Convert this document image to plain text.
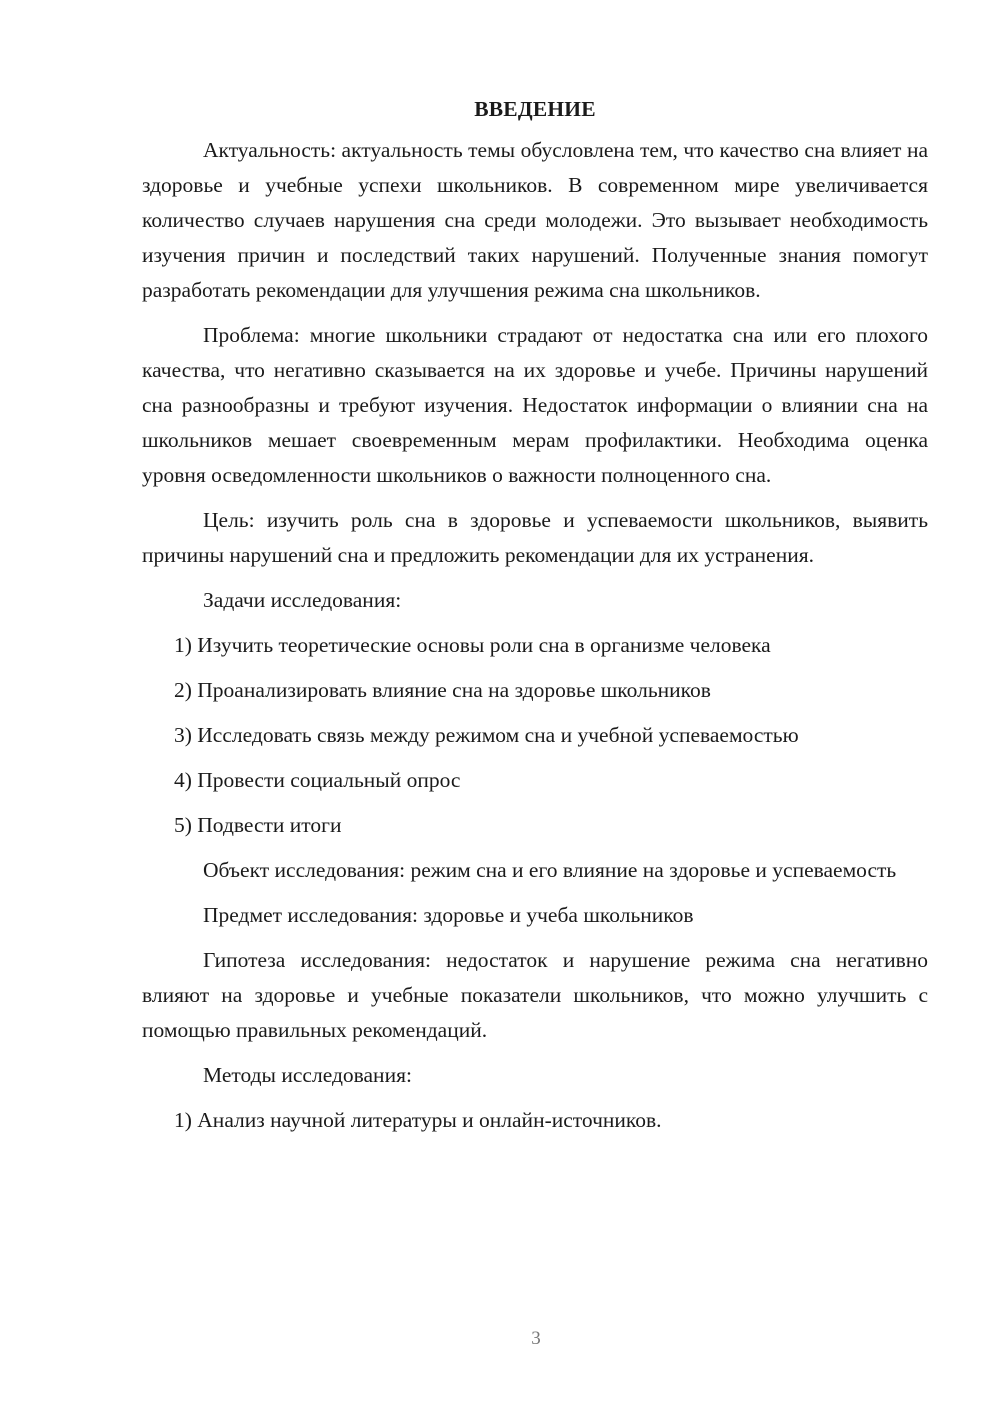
ВВЕДЕНИЕ

Актуальность: актуальность темы обусловлена тем, что качество сна влияет на здоровье и учебные успехи школьников. В современном мире увеличивается количество случаев нарушения сна среди молодежи. Это вызывает необходимость изучения причин и последствий таких нарушений. Полученные знания помогут разработать рекомендации для улучшения режима сна школьников.

Проблема: многие школьники страдают от недостатка сна или его плохого качества, что негативно сказывается на их здоровье и учебе. Причины нарушений сна разнообразны и требуют изучения. Недостаток информации о влиянии сна на школьников мешает своевременным мерам профилактики. Необходима оценка уровня осведомленности школьников о важности полноценного сна.

Цель: изучить роль сна в здоровье и успеваемости школьников, выявить причины нарушений сна и предложить рекомендации для их устранения.

Задачи исследования:

1) Изучить теоретические основы роли сна в организме человека
2) Проанализировать влияние сна на здоровье школьников
3) Исследовать связь между режимом сна и учебной успеваемостью
4) Провести социальный опрос
5) Подвести итоги

Объект исследования: режим сна и его влияние на здоровье и успеваемость

Предмет исследования: здоровье и учеба школьников

Гипотеза исследования: недостаток и нарушение режима сна негативно влияют на здоровье и учебные показатели школьников, что можно улучшить с помощью правильных рекомендаций.

Методы исследования:

1) Анализ научной литературы и онлайн-источников.
3
